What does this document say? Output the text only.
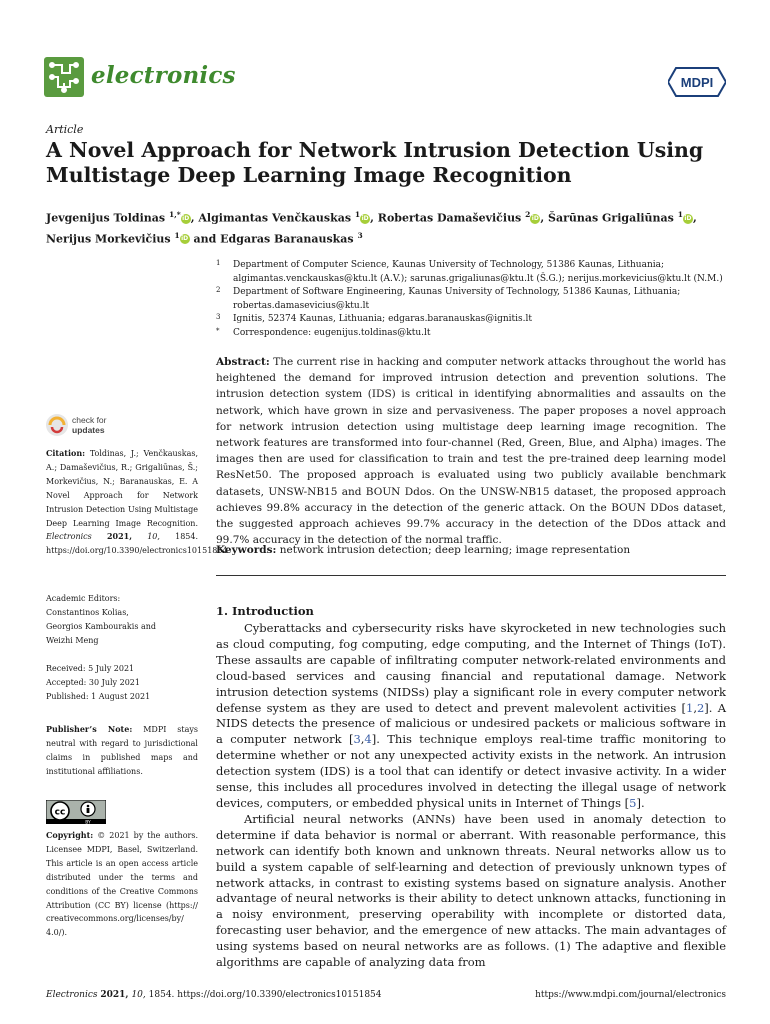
electronics	MDPI
Article
A Novel Approach for Network Intrusion Detection Using
Multistage Deep Learning Image Recognition
Jevgenijus Toldinas $^{1,*}$iD, Algimantas Venčkauskas $^1$iD, Robertas Damaševičius $^2$iD, Šarūnas Grigaliūnas $^1$iD,
Nerijus Morkevičius $^1$iD and Edgaras Baranauskas $^3$
1 Department of Computer Science, Kaunas University of Technology, 51386 Kaunas, Lithuania; algimantas.venckauskas@ktu.lt (A.V.); sarunas.grigaliunas@ktu.lt (Š.G.); nerijus.morkevicius@ktu.lt (N.M.)
2 Department of Software Engineering, Kaunas University of Technology, 51386 Kaunas, Lithuania; robertas.damasevicius@ktu.lt
3 Ignitis, 52374 Kaunas, Lithuania; edgaras.baranauskas@ignitis.lt
* Correspondence: eugenijus.toldinas@ktu.lt
Abstract: The current rise in hacking and computer network attacks throughout the world has heightened the demand for improved intrusion detection and prevention solutions. The intrusion detection system (IDS) is critical in identifying abnormalities and assaults on the network, which have grown in size and pervasiveness. The paper proposes a novel approach for network intrusion detection using multistage deep learning image recognition. The network features are transformed into four-channel (Red, Green, Blue, and Alpha) images. The images then are used for classification to train and test the pre-trained deep learning model ResNet50. The proposed approach is evaluated using two publicly available benchmark datasets, UNSW-NB15 and BOUN Ddos. On the UNSW-NB15 dataset, the proposed approach achieves 99.8% accuracy in the detection of the generic attack. On the BOUN DDos dataset, the suggested approach achieves 99.7% accuracy in the detection of the DDos attack and 99.7% accuracy in the detection of the normal traffic.
Keywords: network intrusion detection; deep learning; image representation
check for
updates
Citation: Toldinas, J.; Venčkauskas, A.; Damaševičius, R.; Grigaliūnas, Š.; Morkevičius, N.; Baranauskas, E. A Novel Approach for Network Intrusion Detection Using Multistage Deep Learning Image Recognition. Electronics 2021, 10, 1854. https://doi.org/10.3390/electronics10151854
Academic Editors:
Constantinos Kolias,
Georgios Kambourakis and
Weizhi Meng
Received: 5 July 2021
Accepted: 30 July 2021
Published: 1 August 2021
Publisher’s Note: MDPI stays neutral with regard to jurisdictional claims in published maps and institutional affiliations.
cc
BY
Copyright: © 2021 by the authors. Licensee MDPI, Basel, Switzerland. This article is an open access article distributed under the terms and conditions of the Creative Commons Attribution (CC BY) license (https:// creativecommons.org/licenses/by/ 4.0/).
1. Introduction

Cyberattacks and cybersecurity risks have skyrocketed in new technologies such as cloud computing, fog computing, edge computing, and the Internet of Things (IoT). These assaults are capable of infiltrating computer network-related environments and cloud-based services and causing financial and reputational damage. Network intrusion detection systems (NIDSs) play a significant role in every computer network defense system as they are used to detect and prevent malevolent activities [1,2]. A NIDS detects the presence of malicious or undesired packets or malicious software in a computer network [3,4]. This technique employs real-time traffic monitoring to determine whether or not any unexpected activity exists in the network. An intrusion detection system (IDS) is a tool that can identify or detect invasive activity. In a wider sense, this includes all procedures involved in detecting the illegal usage of network devices, computers, or embedded physical units in Internet of Things [5].

Artificial neural networks (ANNs) have been used in anomaly detection to determine if data behavior is normal or aberrant. With reasonable performance, this network can identify both known and unknown threats. Neural networks allow us to build a system capable of self-learning and detection of previously unknown types of network attacks, in contrast to existing systems based on signature analysis. Another advantage of neural networks is their ability to detect unknown attacks, functioning in a noisy environment, preserving operability with incomplete or distorted data, forecasting user behavior, and the emergence of new attacks. The main advantages of using systems based on neural networks are as follows. (1) The adaptive and flexible algorithms are capable of analyzing data from

Electronics 2021, 10, 1854. https://doi.org/10.3390/electronics10151854	https://www.mdpi.com/journal/electronics
